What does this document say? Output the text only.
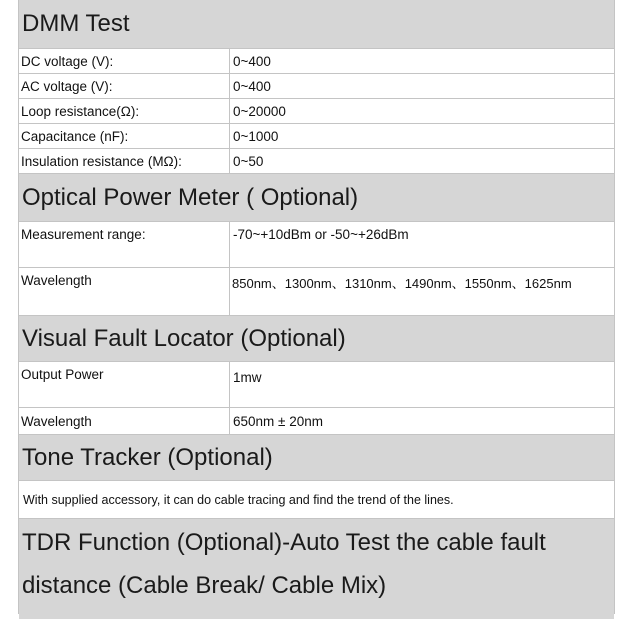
DMM Test
DC voltage (V):	0~400
AC voltage (V):	0~400
Loop resistance(Ω):	0~20000
Capacitance (nF):	0~1000
Insulation resistance (MΩ):	0~50
Optical Power Meter ( Optional)
Measurement range:	-70~+10dBm or -50~+26dBm
Wavelength	850nm、1300nm、1310nm、1490nm、1550nm、1625nm
Visual Fault Locator (Optional)
Output Power	1mw
Wavelength	650nm ± 20nm
Tone Tracker (Optional)
With supplied accessory, it can do cable tracing and find the trend of the lines.
TDR Function (Optional)-Auto Test the cable fault
distance (Cable Break/ Cable Mix)
